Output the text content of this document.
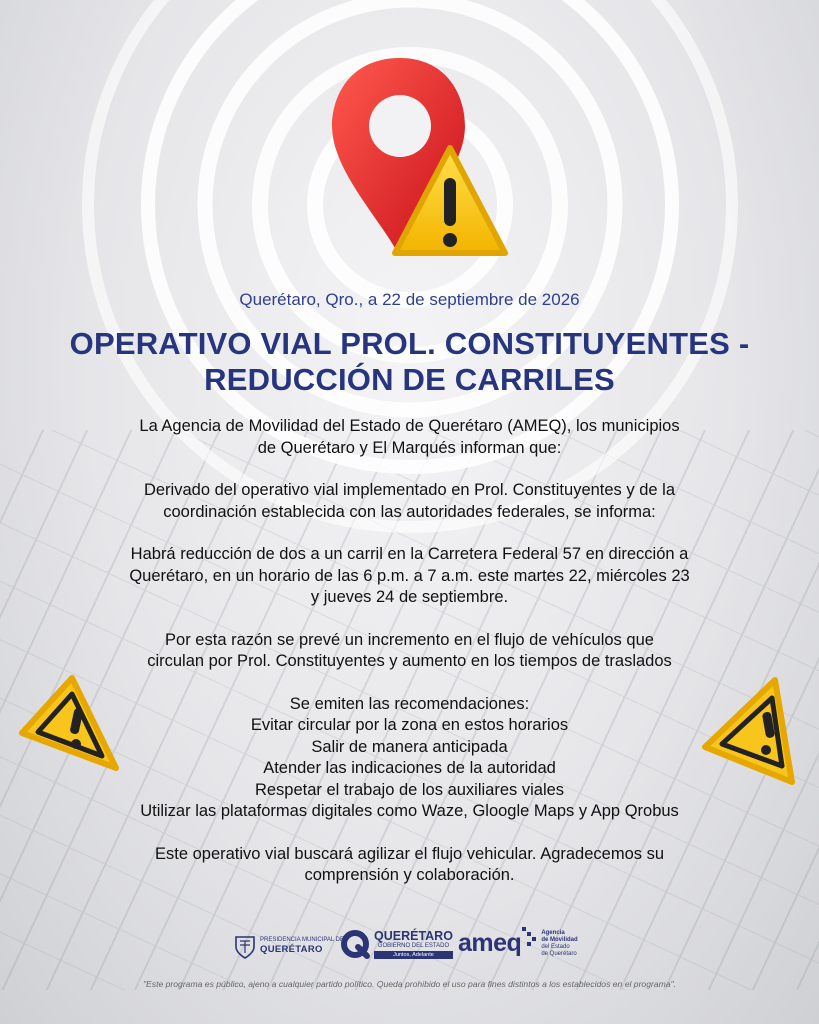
Querétaro, Qro., a 22 de septiembre de 2026
OPERATIVO VIAL PROL. CONSTITUYENTES -
REDUCCIÓN DE CARRILES

La Agencia de Movilidad del Estado de Querétaro (AMEQ), los municipios
de Querétaro y El Marqués informan que:

Derivado del operativo vial implementado en Prol. Constituyentes y de la
coordinación establecida con las autoridades federales, se informa:

Habrá reducción de dos a un carril en la Carretera Federal 57 en dirección a
Querétaro, en un horario de las 6 p.m. a 7 a.m. este martes 22, miércoles 23
y jueves 24 de septiembre.

Por esta razón se prevé un incremento en el flujo de vehículos que
circulan por Prol. Constituyentes y aumento en los tiempos de traslados

Se emiten las recomendaciones:
Evitar circular por la zona en estos horarios
Salir de manera anticipada
Atender las indicaciones de la autoridad
Respetar el trabajo de los auxiliares viales
Utilizar las plataformas digitales como Waze, Gloogle Maps y App Qrobus

Este operativo vial buscará agilizar el flujo vehicular. Agradecemos su
comprensión y colaboración.

PRESIDENCIA MUNICIPAL DE
QUERÉTARO
QUERÉTARO
GOBIERNO DEL ESTADO
Juntos, Adelante ameq	Agencia
de Movilidad
del Estado
de Querétaro
"Este programa es público, ajeno a cualquier partido político. Queda prohibido el uso para fines distintos a los establecidos en el programa".
